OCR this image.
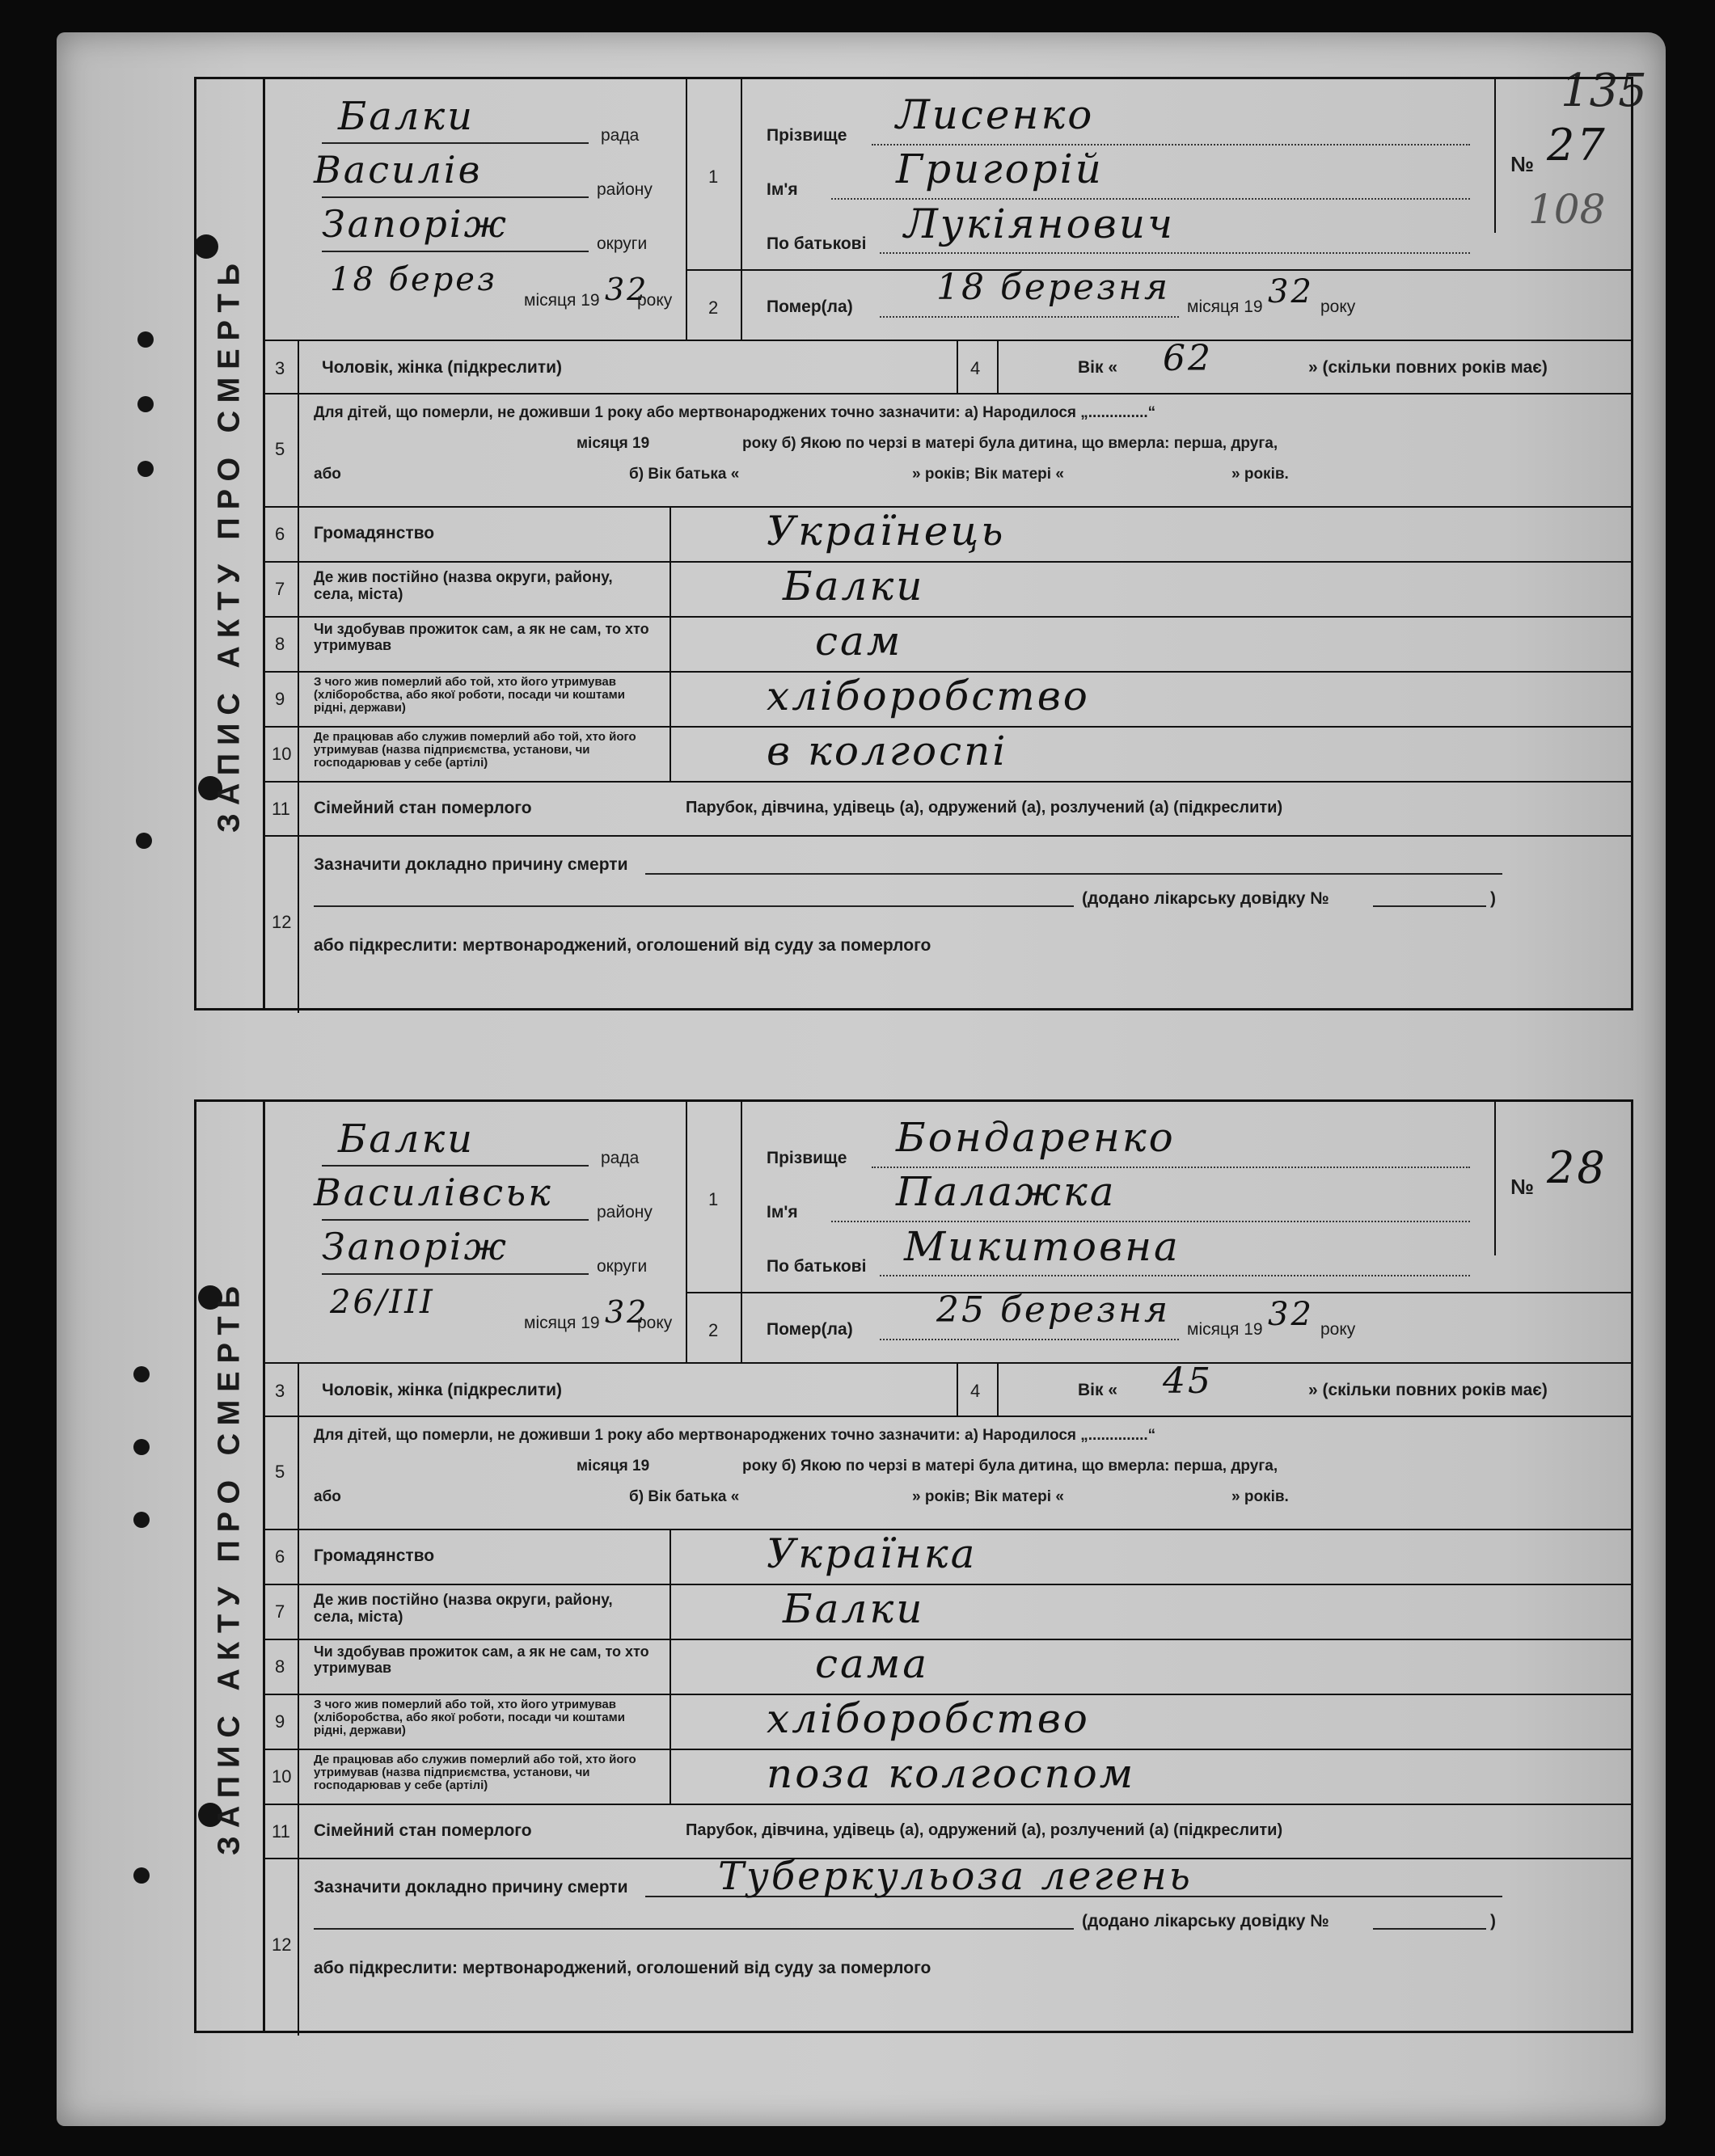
135
108
ЗАПИС АКТУ ПРО СМЕРТЬ
Балки	рада
Василів	району
Запоріж	округи
18 берез
місяця 19 32
року
1
2
Прізвище Лисенко
Ім'я Григорій
По батькові Лукіянович
№ 27
Помер(ла) 18 березня місяця 19 32 року
3 Чоловік, жінка (підкреслити)	4	Вік « 62	» (скільки повних років має)
5
Для дітей, що померли, не доживши 1 року або мертвонароджених точно зазначити: а) Народилося „..............“
місяця 19	року б) Якою по черзі в матері була дитина, що вмерла: перша, друга,
або	б) Вік батька «	» років; Вік матері «	» років.
6 Громадянство	Українець
7
Де жив постійно (назва округи, району, села, міста)	Балки
8
Чи здобував прожиток сам, а як не сам, то хто утримував	сам
9
З чого жив померлий або той, хто його утримував (хліборобства, або якої роботи, посади чи коштами рідні, держави)	хліборобство
10
Де працював або служив померлий або той, хто його утримував (назва підприємства, установи, чи господарював у себе (артілі)	в колгоспі
11 Сімейний стан померлого	Парубок, дівчина, удівець (а), одружений (а), розлучений (а) (підкреслити)
12
Зазначити докладно причину смерти
(додано лікарську довідку №	)
або підкреслити: мертвонароджений, оголошений від суду за померлого
ЗАПИС АКТУ ПРО СМЕРТЬ
Балки	рада
Василівськ	району
Запоріж	округи
26/III
місяця 19 32
року
1
2
Прізвище Бондаренко
Ім'я Палажка
По батькові Микитовна
№ 28
Помер(ла) 25 березня місяця 19 32 року
3 Чоловік, жінка (підкреслити)	4	Вік « 45	» (скільки повних років має)
5
Для дітей, що померли, не доживши 1 року або мертвонароджених точно зазначити: а) Народилося „..............“
місяця 19	року б) Якою по черзі в матері була дитина, що вмерла: перша, друга,
або	б) Вік батька «	» років; Вік матері «	» років.
6 Громадянство	Українка
7
Де жив постійно (назва округи, району, села, міста)	Балки
8
Чи здобував прожиток сам, а як не сам, то хто утримував	сама
9
З чого жив померлий або той, хто його утримував (хліборобства, або якої роботи, посади чи коштами рідні, держави)	хліборобство
10
Де працював або служив померлий або той, хто його утримував (назва підприємства, установи, чи господарював у себе (артілі)	поза колгоспом
11 Сімейний стан померлого	Парубок, дівчина, удівець (а), одружений (а), розлучений (а) (підкреслити)
12
Зазначити докладно причину смерти Туберкульоза легень
(додано лікарську довідку №	)
або підкреслити: мертвонароджений, оголошений від суду за померлого
